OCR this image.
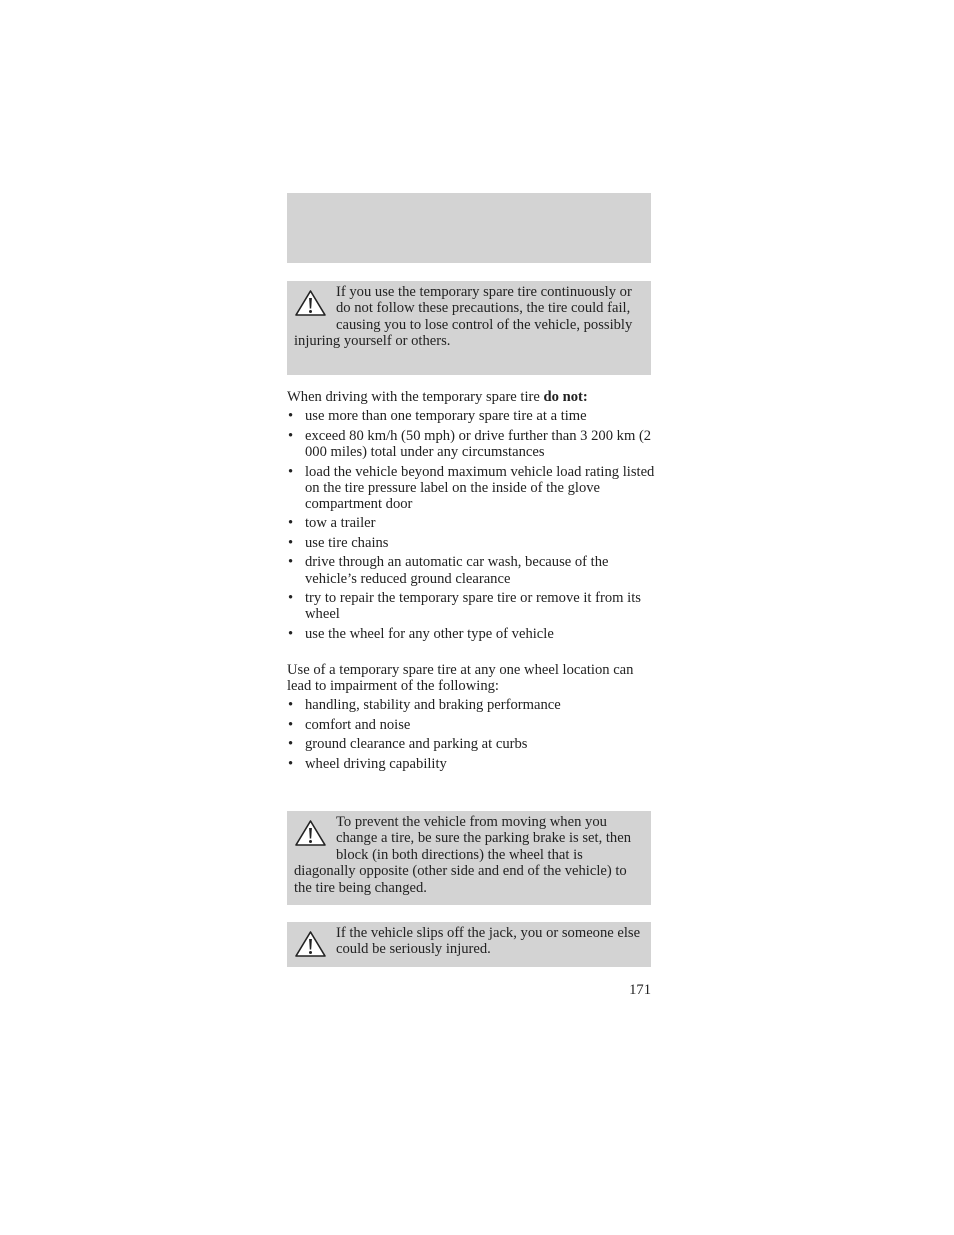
If you use the temporary spare tire continuously or do not follow these precautions, the tire could fail, causing you to lose control of the vehicle, possibly injuring yourself or others.

When driving with the temporary spare tire do not:

• use more than one temporary spare tire at a time
• exceed 80 km/h (50 mph) or drive further than 3 200 km (2 000 miles) total under any circumstances
• load the vehicle beyond maximum vehicle load rating listed on the tire pressure label on the inside of the glove compartment door
• tow a trailer
• use tire chains
• drive through an automatic car wash, because of the vehicle’s reduced ground clearance
• try to repair the temporary spare tire or remove it from its wheel
• use the wheel for any other type of vehicle

Use of a temporary spare tire at any one wheel location can lead to impairment of the following:

• handling, stability and braking performance
• comfort and noise
• ground clearance and parking at curbs
• wheel driving capability
To prevent the vehicle from moving when you change a tire, be sure the parking brake is set, then block (in both directions) the wheel that is diagonally opposite (other side and end of the vehicle) to the tire being changed.
If the vehicle slips off the jack, you or someone else could be seriously injured.
171
